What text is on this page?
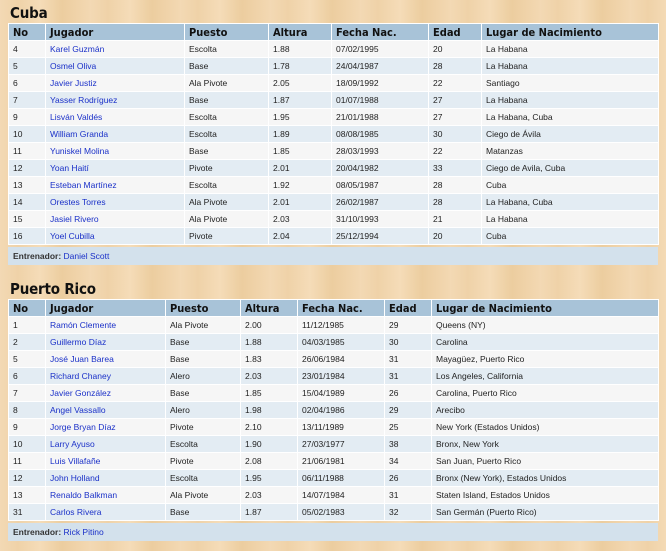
Cuba
No	Jugador	Puesto	Altura	Fecha Nac.	Edad	Lugar de Nacimiento
4	Karel Guzmán	Escolta	1.88	07/02/1995	20	La Habana
5	Osmel Oliva	Base	1.78	24/04/1987	28	La Habana
6	Javier Justiz	Ala Pivote	2.05	18/09/1992	22	Santiago
7	Yasser Rodríguez	Base	1.87	01/07/1988	27	La Habana
9	Lisván Valdés	Escolta	1.95	21/01/1988	27	La Habana, Cuba
10	William Granda	Escolta	1.89	08/08/1985	30	Ciego de Ávila
11	Yuniskel Molina	Base	1.85	28/03/1993	22	Matanzas
12	Yoan Haití	Pivote	2.01	20/04/1982	33	Ciego de Avila, Cuba
13	Esteban Martínez	Escolta	1.92	08/05/1987	28	Cuba
14	Orestes Torres	Ala Pivote	2.01	26/02/1987	28	La Habana, Cuba
15	Jasiel Rivero	Ala Pivote	2.03	31/10/1993	21	La Habana
16	Yoel Cubilla	Pivote	2.04	25/12/1994	20	Cuba
Entrenador: Daniel Scott
Puerto Rico
No	Jugador	Puesto	Altura	Fecha Nac.	Edad	Lugar de Nacimiento
1	Ramón Clemente	Ala Pivote	2.00	11/12/1985	29	Queens (NY)
2	Guillermo Díaz	Base	1.88	04/03/1985	30	Carolina
5	José Juan Barea	Base	1.83	26/06/1984	31	Mayagüez, Puerto Rico
6	Richard Chaney	Alero	2.03	23/01/1984	31	Los Angeles, California
7	Javier González	Base	1.85	15/04/1989	26	Carolina, Puerto Rico
8	Angel Vassallo	Alero	1.98	02/04/1986	29	Arecibo
9	Jorge Bryan Díaz	Pivote	2.10	13/11/1989	25	New York (Estados Unidos)
10	Larry Ayuso	Escolta	1.90	27/03/1977	38	Bronx, New York
11	Luis Villafañe	Pivote	2.08	21/06/1981	34	San Juan, Puerto Rico
12	John Holland	Escolta	1.95	06/11/1988	26	Bronx (New York), Estados Unidos
13	Renaldo Balkman	Ala Pivote	2.03	14/07/1984	31	Staten Island, Estados Unidos
31	Carlos Rivera	Base	1.87	05/02/1983	32	San Germán (Puerto Rico)
Entrenador: Rick Pitino
